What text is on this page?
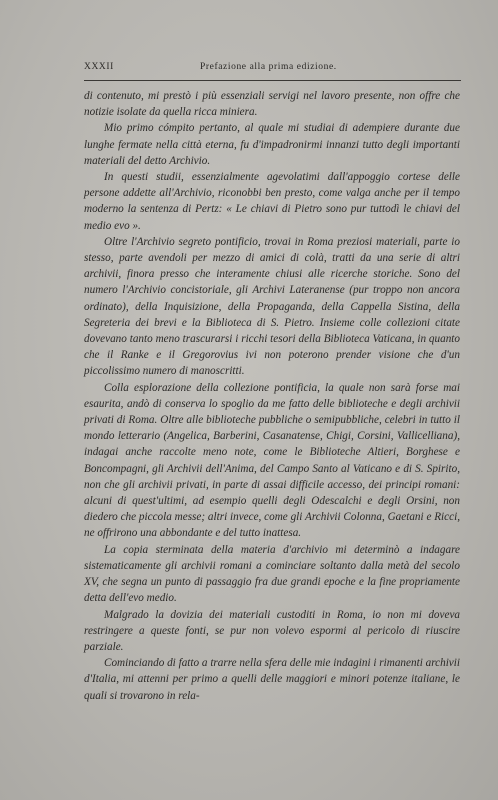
XXXII	Prefazione alla prima edizione.

di contenuto, mi prestò i più essenziali servigi nel lavoro presente, non offre che notizie isolate da quella ricca miniera.

Mio primo cómpito pertanto, al quale mi studiai di adempiere durante due lunghe fermate nella città eterna, fu d'impadronirmi innanzi tutto degli importanti materiali del detto Archivio.

In questi studii, essenzialmente agevolatimi dall'appoggio cortese delle persone addette all'Archivio, riconobbi ben presto, come valga anche per il tempo moderno la sentenza di Pertz: « Le chiavi di Pietro sono pur tuttodì le chiavi del medio evo ».

Oltre l'Archivio segreto pontificio, trovai in Roma preziosi materiali, parte io stesso, parte avendoli per mezzo di amici di colà, tratti da una serie di altri archivii, finora presso che interamente chiusi alle ricerche storiche. Sono del numero l'Archivio concistoriale, gli Archivi Lateranense (pur troppo non ancora ordinato), della Inquisizione, della Propaganda, della Cappella Sistina, della Segreteria dei brevi e la Biblioteca di S. Pietro. Insieme colle collezioni citate dovevano tanto meno trascurarsi i ricchi tesori della Biblioteca Vaticana, in quanto che il Ranke e il Gregorovius ivi non poterono prender visione che d'un piccolissimo numero di manoscritti.

Colla esplorazione della collezione pontificia, la quale non sarà forse mai esaurita, andò di conserva lo spoglio da me fatto delle biblioteche e degli archivii privati di Roma. Oltre alle biblioteche pubbliche o semipubbliche, celebri in tutto il mondo letterario (Angelica, Barberini, Casanatense, Chigi, Corsini, Vallicelliana), indagai anche raccolte meno note, come le Biblioteche Altieri, Borghese e Boncompagni, gli Archivii dell'Anima, del Campo Santo al Vaticano e di S. Spirito, non che gli archivii privati, in parte di assai difficile accesso, dei principi romani: alcuni di quest'ultimi, ad esempio quelli degli Odescalchi e degli Orsini, non diedero che piccola messe; altri invece, come gli Archivii Colonna, Gaetani e Ricci, ne offrirono una abbondante e del tutto inattesa.

La copia sterminata della materia d'archivio mi determinò a indagare sistematicamente gli archivii romani a cominciare soltanto dalla metà del secolo XV, che segna un punto di passaggio fra due grandi epoche e la fine propriamente detta dell'evo medio.

Malgrado la dovizia dei materiali custoditi in Roma, io non mi doveva restringere a queste fonti, se pur non volevo espormi al pericolo di riuscire parziale.

Cominciando di fatto a trarre nella sfera delle mie indagini i rimanenti archivii d'Italia, mi attenni per primo a quelli delle maggiori e minori potenze italiane, le quali si trovarono in rela-
